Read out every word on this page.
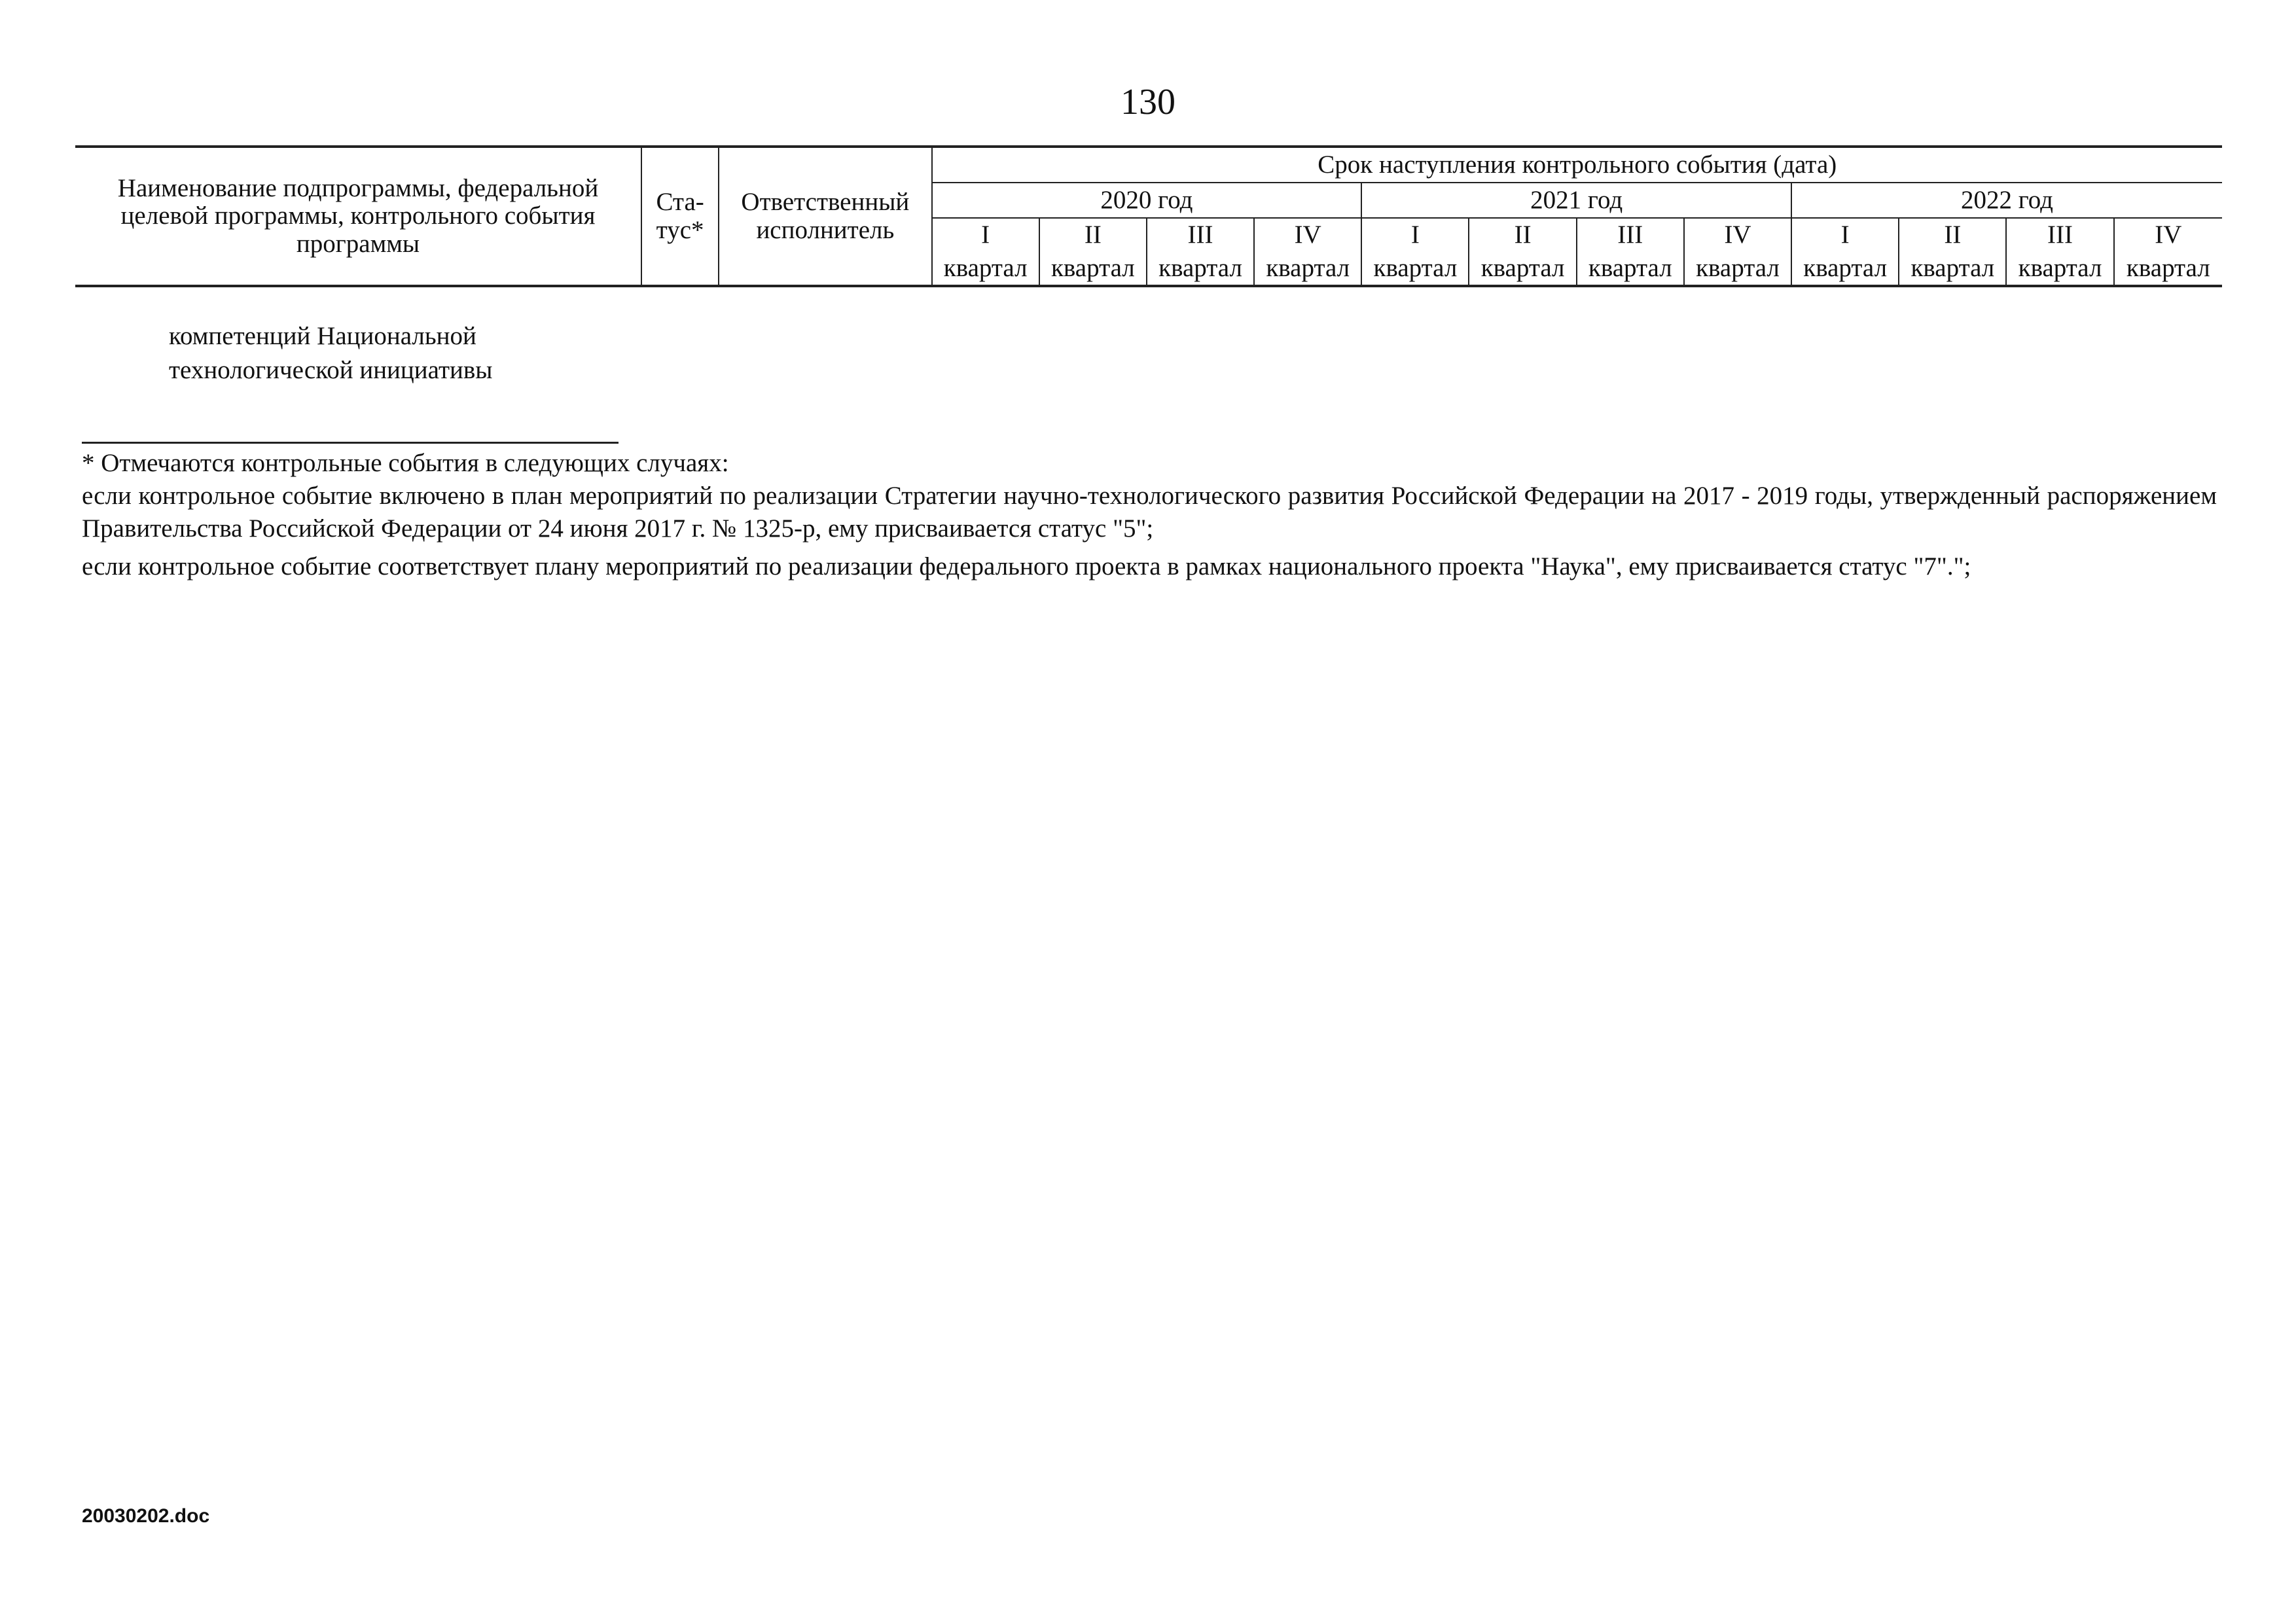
130
Наименование подпрограммы, федеральной целевой программы, контрольного события программы	Ста-тус*	Ответственный исполнитель	Срок наступления контрольного события (дата)											
			2020 год				2021 год				2022 год			
			I	II	III	IV	I	II	III	IV	I	II	III	IV
			квартал	квартал	квартал	квартал	квартал	квартал	квартал	квартал	квартал	квартал	квартал	квартал
компетенций Национальной
технологической инициативы

* Отмечаются контрольные события в следующих случаях:

если контрольное событие включено в план мероприятий по реализации Стратегии научно-технологического развития Российской Федерации на 2017 - 2019 годы, утвержденный распоряжением Правительства Российской Федерации от 24 июня 2017 г. № 1325-р, ему присваивается статус "5";

если контрольное событие соответствует плану мероприятий по реализации федерального проекта в рамках национального проекта "Наука", ему присваивается статус "7".";

20030202.doc
